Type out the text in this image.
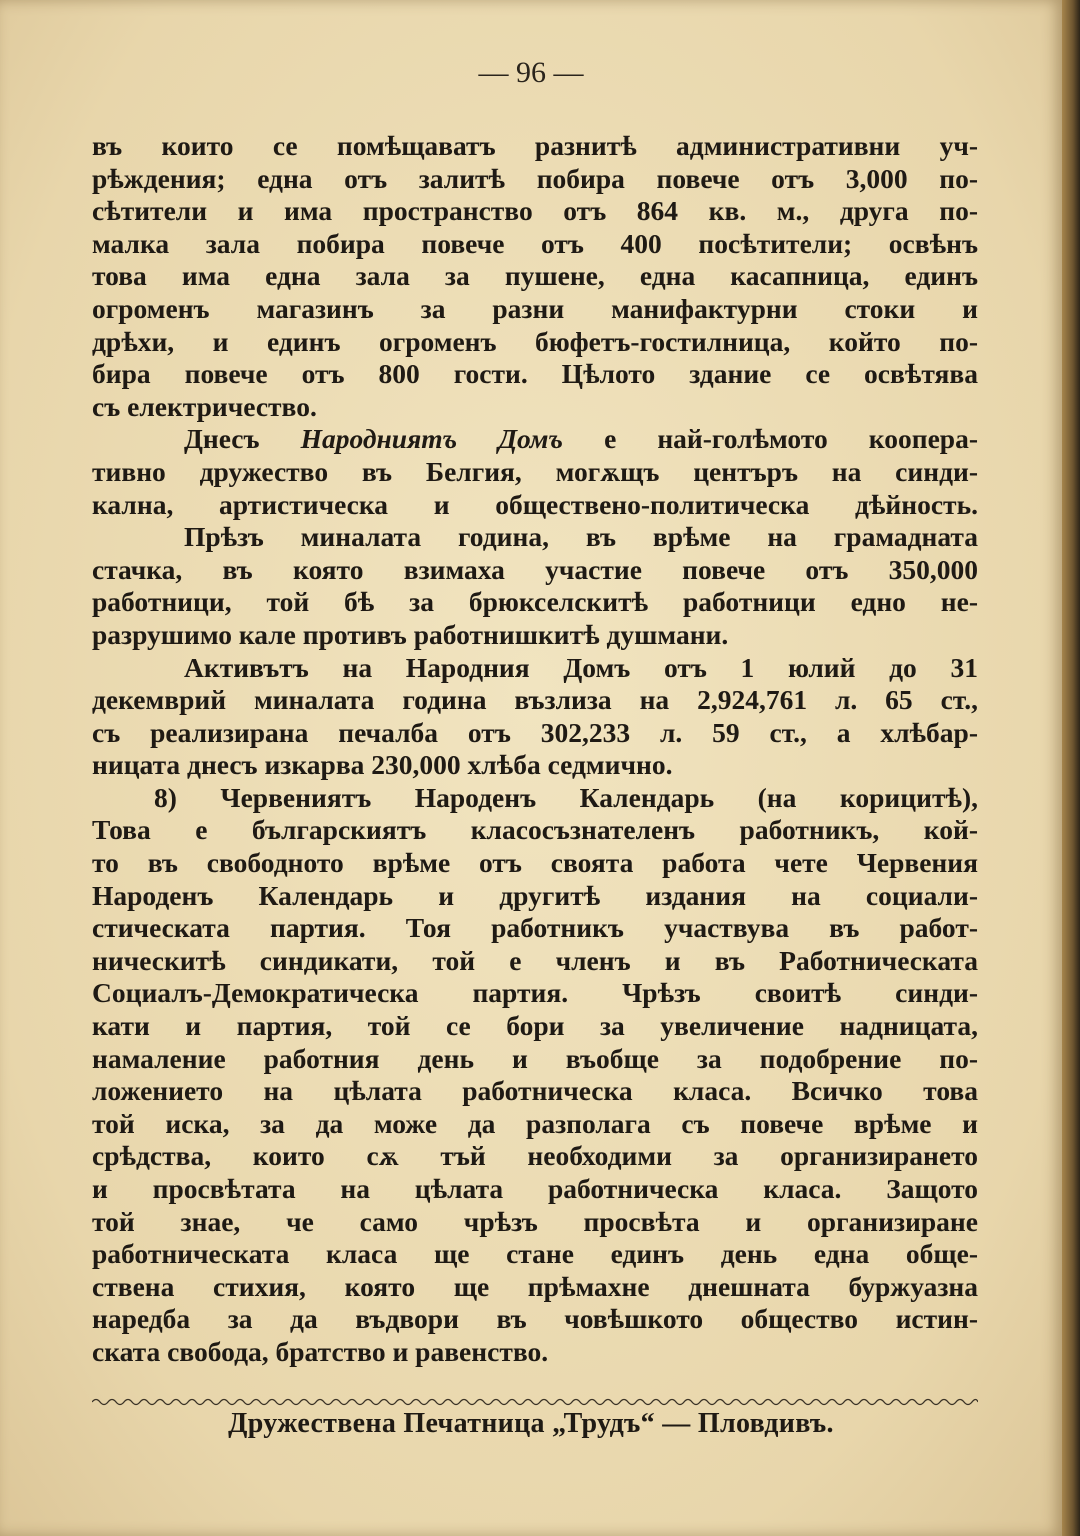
— 96 —
въ които се помѣщаватъ разнитѣ административни уч-
рѣждения; една отъ залитѣ побира повече отъ 3,000 по-
сѣтители и има пространство отъ 864 кв. м., друга по-
малка зала побира повече отъ 400 посѣтители; освѣнъ
това има една зала за пушене, една касапница, единъ
огроменъ магазинъ за разни манифактурни стоки и
дрѣхи, и единъ огроменъ бюфетъ-гостилница, който по-
бира повече отъ 800 гости. Цѣлото здание се освѣтява
съ електричество.
Днесъ Народниятъ Домъ е най-голѣмото коопера-
тивно дружество въ Белгия, могѫщъ центъръ на синди-
кална, артистическа и обществено-политическа дѣйность.
Прѣзъ миналата година, въ врѣме на грамадната
стачка, въ която взимаха участие повече отъ 350,000
работници, той бѣ за брюкселскитѣ работници едно не-
разрушимо кале противъ работнишкитѣ душмани.
Активътъ на Народния Домъ отъ 1 юлий до 31
декемврий миналата година възлиза на 2,924,761 л. 65 ст.,
съ реализирана печалба отъ 302,233 л. 59 ст., а хлѣбар-
ницата днесъ изкарва 230,000 хлѣба седмично.
8) Червениятъ Народенъ Календарь (на корицитѣ),
Това е българскиятъ класосъзнателенъ работникъ, кой-
то въ свободното врѣме отъ своята работа чете Червения
Народенъ Календарь и другитѣ издания на социали-
стическата партия. Тоя работникъ участвува въ работ-
ническитѣ синдикати, той е членъ и въ Работническата
Социалъ-Демократическа партия. Чрѣзъ своитѣ синди-
кати и партия, той се бори за увеличение надницата,
намаление работния день и въобще за подобрение по-
ложението на цѣлата работническа класа. Всичко това
той иска, за да може да разполага съ повече врѣме и
срѣдства, които сѫ тъй необходими за организирането
и просвѣтата на цѣлата работническа класа. Защото
той знае, че само чрѣзъ просвѣта и организиране
работническата класа ще стане единъ день една обще-
ствена стихия, която ще прѣмахне днешната буржуазна
наредба за да въдвори въ човѣшкото общество истин-
ската свобода, братство и равенство.
Дружествена Печатница „Трудъ“ — Пловдивъ.
